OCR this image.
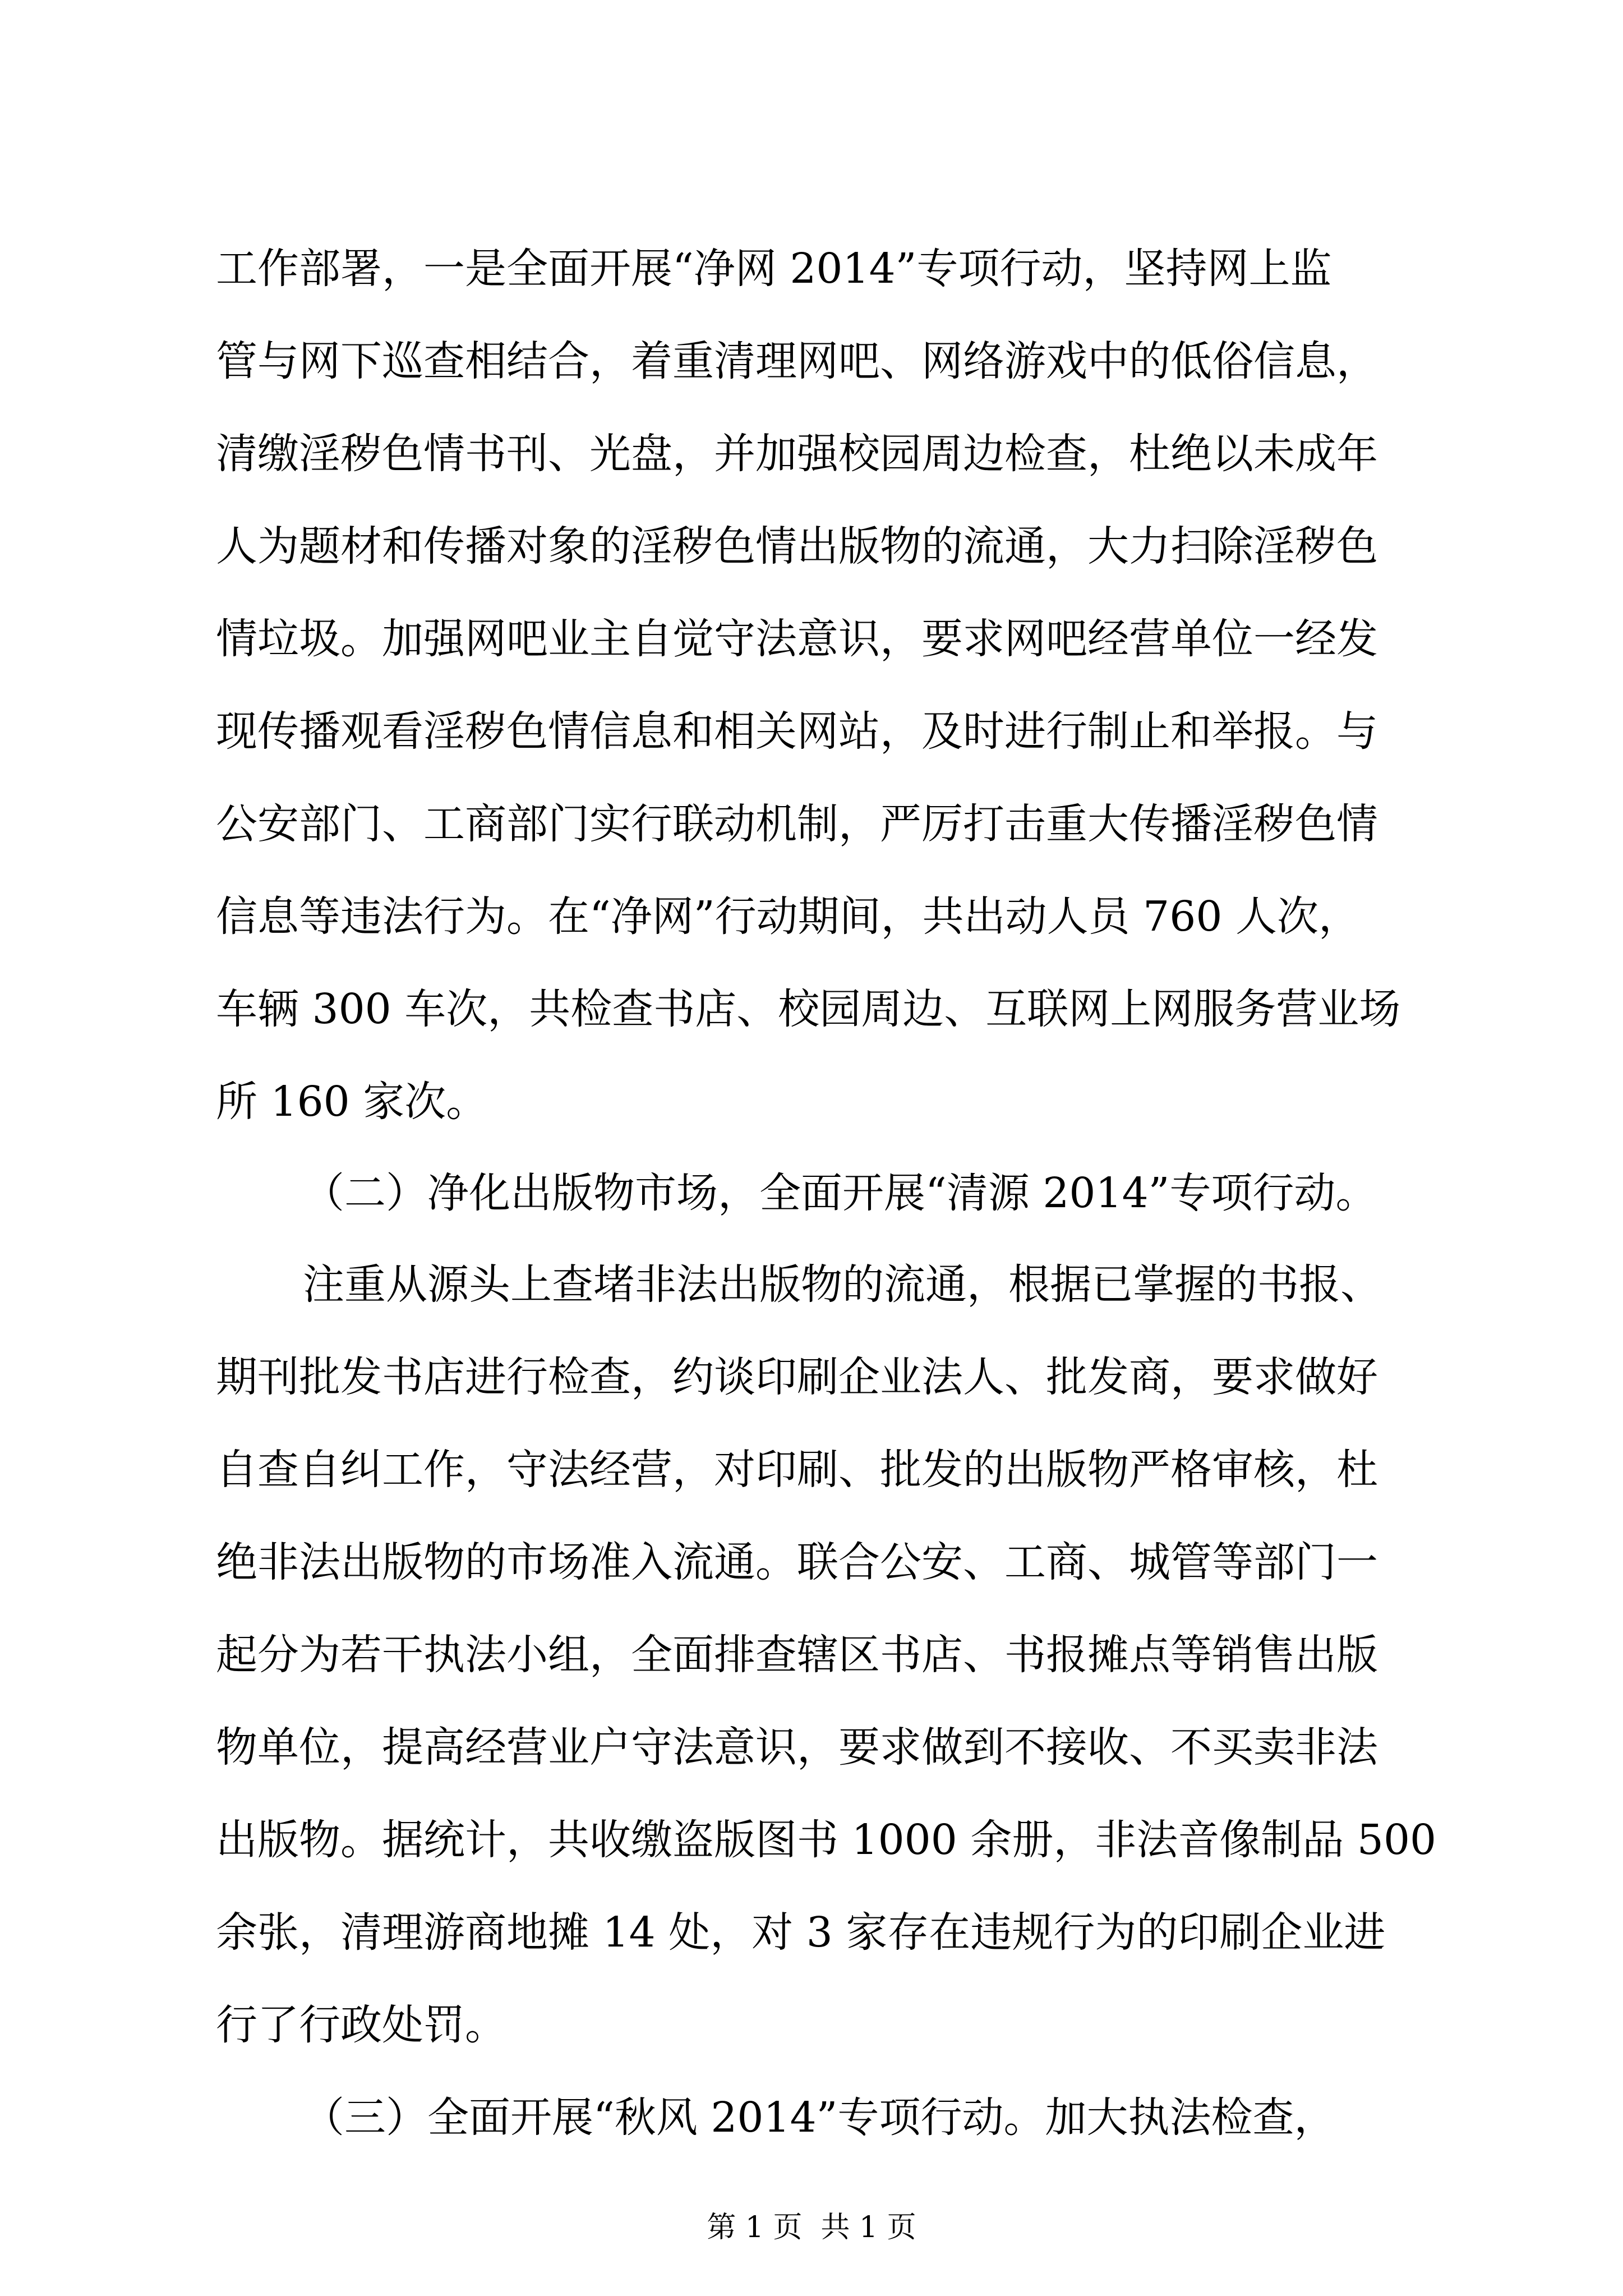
工作部署，一是全面开展“净网 2014”专项行动，坚持网上监
管与网下巡查相结合，着重清理网吧、网络游戏中的低俗信息，
清缴淫秽色情书刊、光盘，并加强校园周边检查，杜绝以未成年
人为题材和传播对象的淫秽色情出版物的流通，大力扫除淫秽色
情垃圾。加强网吧业主自觉守法意识，要求网吧经营单位一经发
现传播观看淫秽色情信息和相关网站，及时进行制止和举报。与
公安部门、工商部门实行联动机制，严厉打击重大传播淫秽色情
信息等违法行为。在“净网”行动期间，共出动人员 760 人次，
车辆 300 车次，共检查书店、校园周边、互联网上网服务营业场
所 160 家次。
（二）净化出版物市场，全面开展“清源 2014”专项行动。
注重从源头上查堵非法出版物的流通，根据已掌握的书报、
期刊批发书店进行检查，约谈印刷企业法人、批发商，要求做好
自查自纠工作，守法经营，对印刷、批发的出版物严格审核，杜
绝非法出版物的市场准入流通。联合公安、工商、城管等部门一
起分为若干执法小组，全面排查辖区书店、书报摊点等销售出版
物单位，提高经营业户守法意识，要求做到不接收、不买卖非法
出版物。据统计，共收缴盗版图书 1000 余册，非法音像制品 500
余张，清理游商地摊 14 处，对 3 家存在违规行为的印刷企业进
行了行政处罚。
（三）全面开展“秋风 2014”专项行动。加大执法检查，
第 1 页  共 1 页
